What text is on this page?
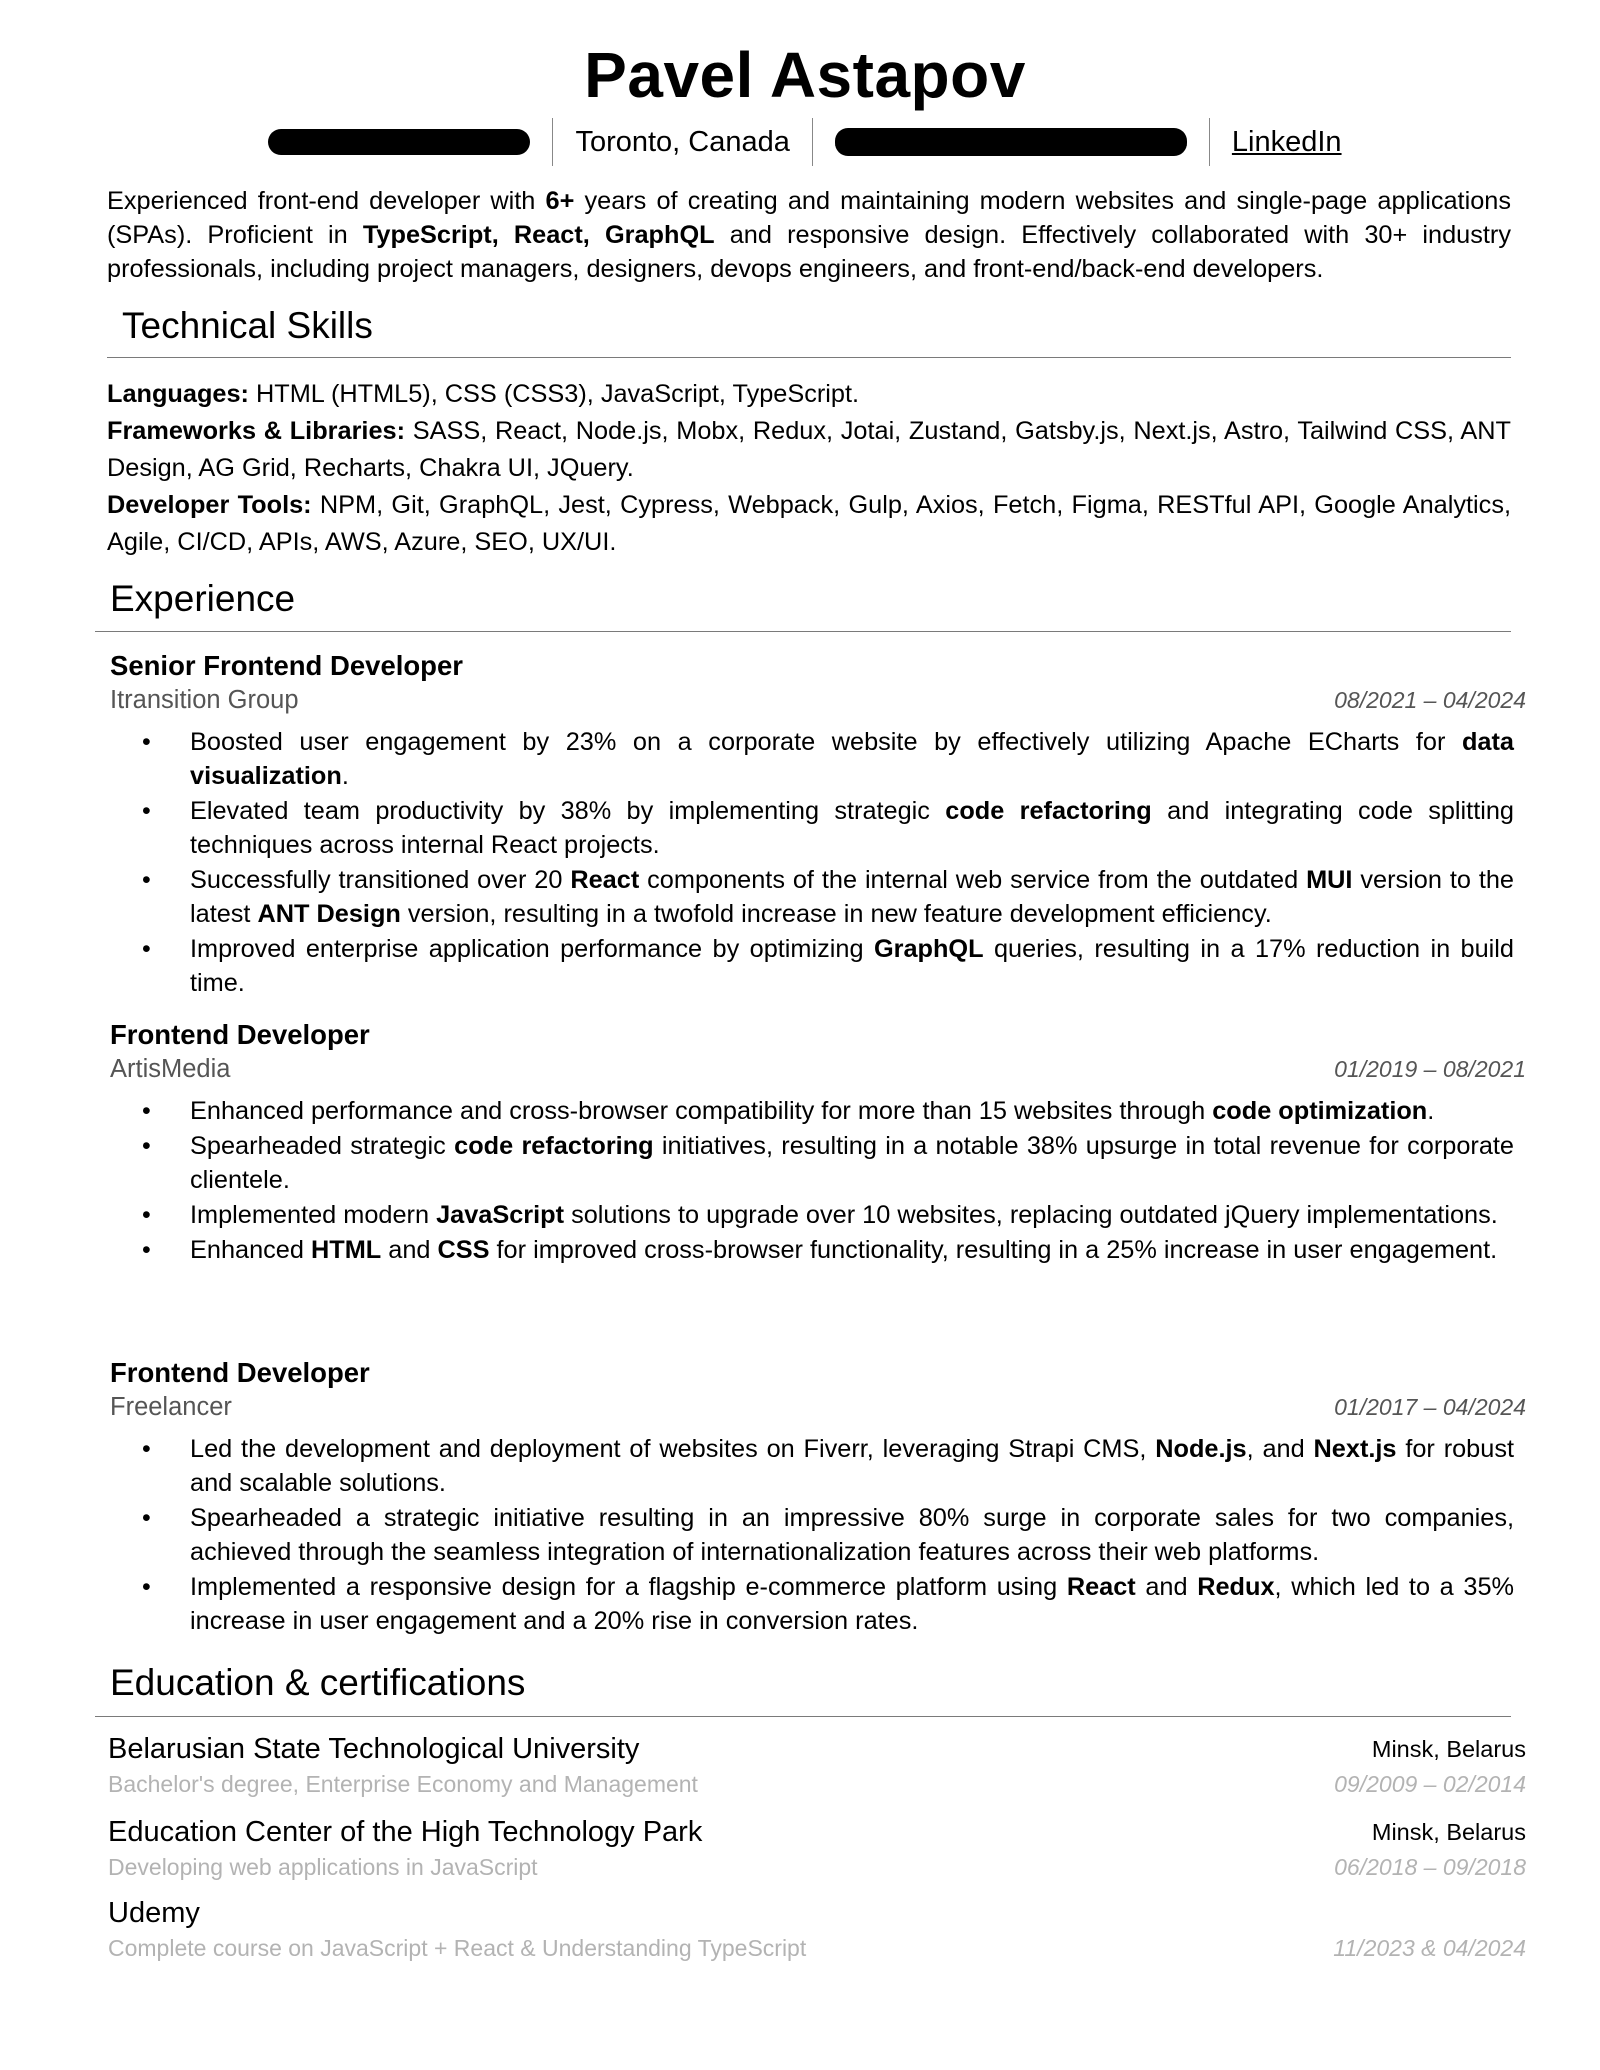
Pavel Astapov
Toronto, Canada	LinkedIn
Experienced front-end developer with 6+ years of creating and maintaining modern websites and single-page applications (SPAs). Proficient in TypeScript, React, GraphQL and responsive design. Effectively collaborated with 30+ industry professionals, including project managers, designers, devops engineers, and front-end/back-end developers.
Technical Skills

Languages: HTML (HTML5), CSS (CSS3), JavaScript, TypeScript.

Frameworks & Libraries: SASS, React, Node.js, Mobx, Redux, Jotai, Zustand, Gatsby.js, Next.js, Astro, Tailwind CSS, ANT Design, AG Grid, Recharts, Chakra UI, JQuery.

Developer Tools: NPM, Git, GraphQL, Jest, Cypress, Webpack, Gulp, Axios, Fetch, Figma, RESTful API, Google Analytics, Agile, CI/CD, APIs, AWS, Azure, SEO, UX/UI.

Experience
Senior Frontend Developer
Itransition Group	08/2021 – 04/2024
• Boosted user engagement by 23% on a corporate website by effectively utilizing Apache ECharts for data visualization.
• Elevated team productivity by 38% by implementing strategic code refactoring and integrating code splitting techniques across internal React projects.
• Successfully transitioned over 20 React components of the internal web service from the outdated MUI version to the latest ANT Design version, resulting in a twofold increase in new feature development efficiency.
• Improved enterprise application performance by optimizing GraphQL queries, resulting in a 17% reduction in build time.
Frontend Developer
ArtisMedia	01/2019 – 08/2021
• Enhanced performance and cross-browser compatibility for more than 15 websites through code optimization.
• Spearheaded strategic code refactoring initiatives, resulting in a notable 38% upsurge in total revenue for corporate clientele.
• Implemented modern JavaScript solutions to upgrade over 10 websites, replacing outdated jQuery implementations.
• Enhanced HTML and CSS for improved cross-browser functionality, resulting in a 25% increase in user engagement.
Frontend Developer
Freelancer	01/2017 – 04/2024
• Led the development and deployment of websites on Fiverr, leveraging Strapi CMS, Node.js, and Next.js for robust and scalable solutions.
• Spearheaded a strategic initiative resulting in an impressive 80% surge in corporate sales for two companies, achieved through the seamless integration of internationalization features across their web platforms.
• Implemented a responsive design for a flagship e-commerce platform using React and Redux, which led to a 35% increase in user engagement and a 20% rise in conversion rates.
Education & certifications
Belarusian State Technological University	Minsk, Belarus
Bachelor's degree, Enterprise Economy and Management	09/2009 – 02/2014
Education Center of the High Technology Park	Minsk, Belarus
Developing web applications in JavaScript	06/2018 – 09/2018
Udemy
Complete course on JavaScript + React & Understanding TypeScript	11/2023 & 04/2024
